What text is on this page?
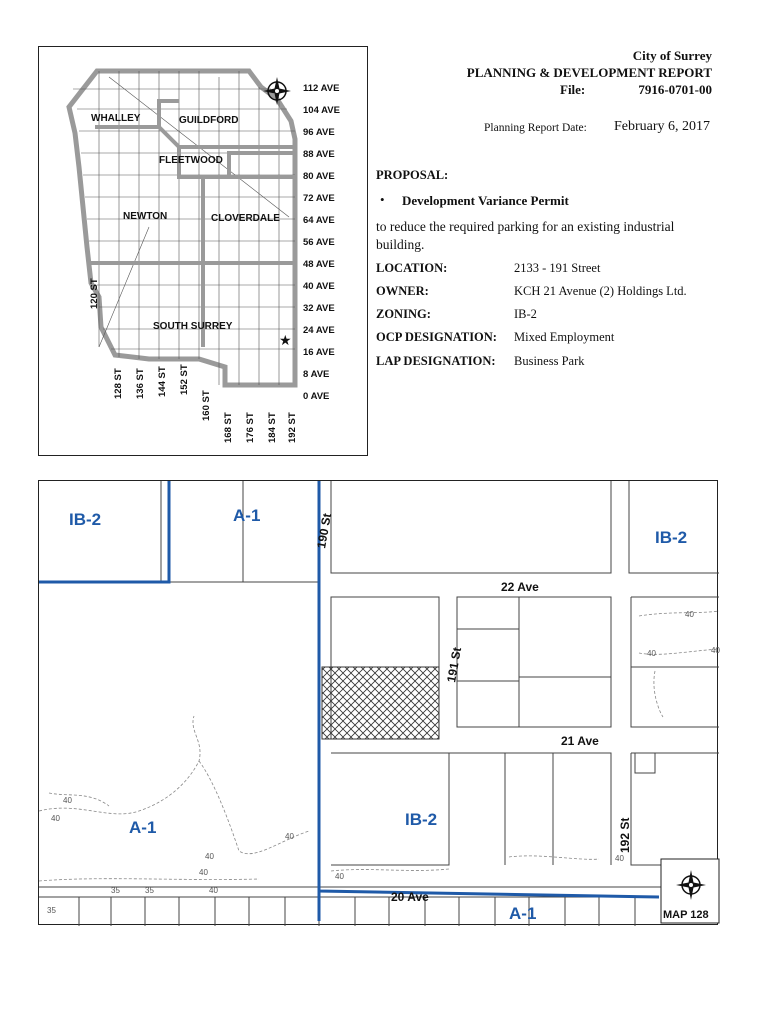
★
WHALLEY	GUILDFORD
FLEETWOOD
NEWTON	CLOVERDALE
SOUTH SURREY
112 AVE
104 AVE
96 AVE
88 AVE
80 AVE
72 AVE
64 AVE
56 AVE
48 AVE
40 AVE
32 AVE
24 AVE
16 AVE
8 AVE
0 AVE
120 ST
128 ST 136 ST 144 ST 152 ST
160 ST
168 ST 176 ST 184 ST 192 ST
City of Surrey
PLANNING & DEVELOPMENT REPORT
File:	7916-0701-00
Planning Report Date: February 6, 2017
PROPOSAL:
• Development Variance Permit
to reduce the required parking for an existing industrial building.
LOCATION:	2133 - 191 Street
OWNER:	KCH 21 Avenue (2) Holdings Ltd.
ZONING:	IB-2
OCP DESIGNATION: Mixed Employment
LAP DESIGNATION: Business Park
IB-2	A-1
IB-2
A-1	IB-2
A-1
190 St
22 Ave
191 St
21 Ave
192 St
20 Ave
40
40	40
40
40
40
40
40
35	35
35
40
40
40
MAP 128
